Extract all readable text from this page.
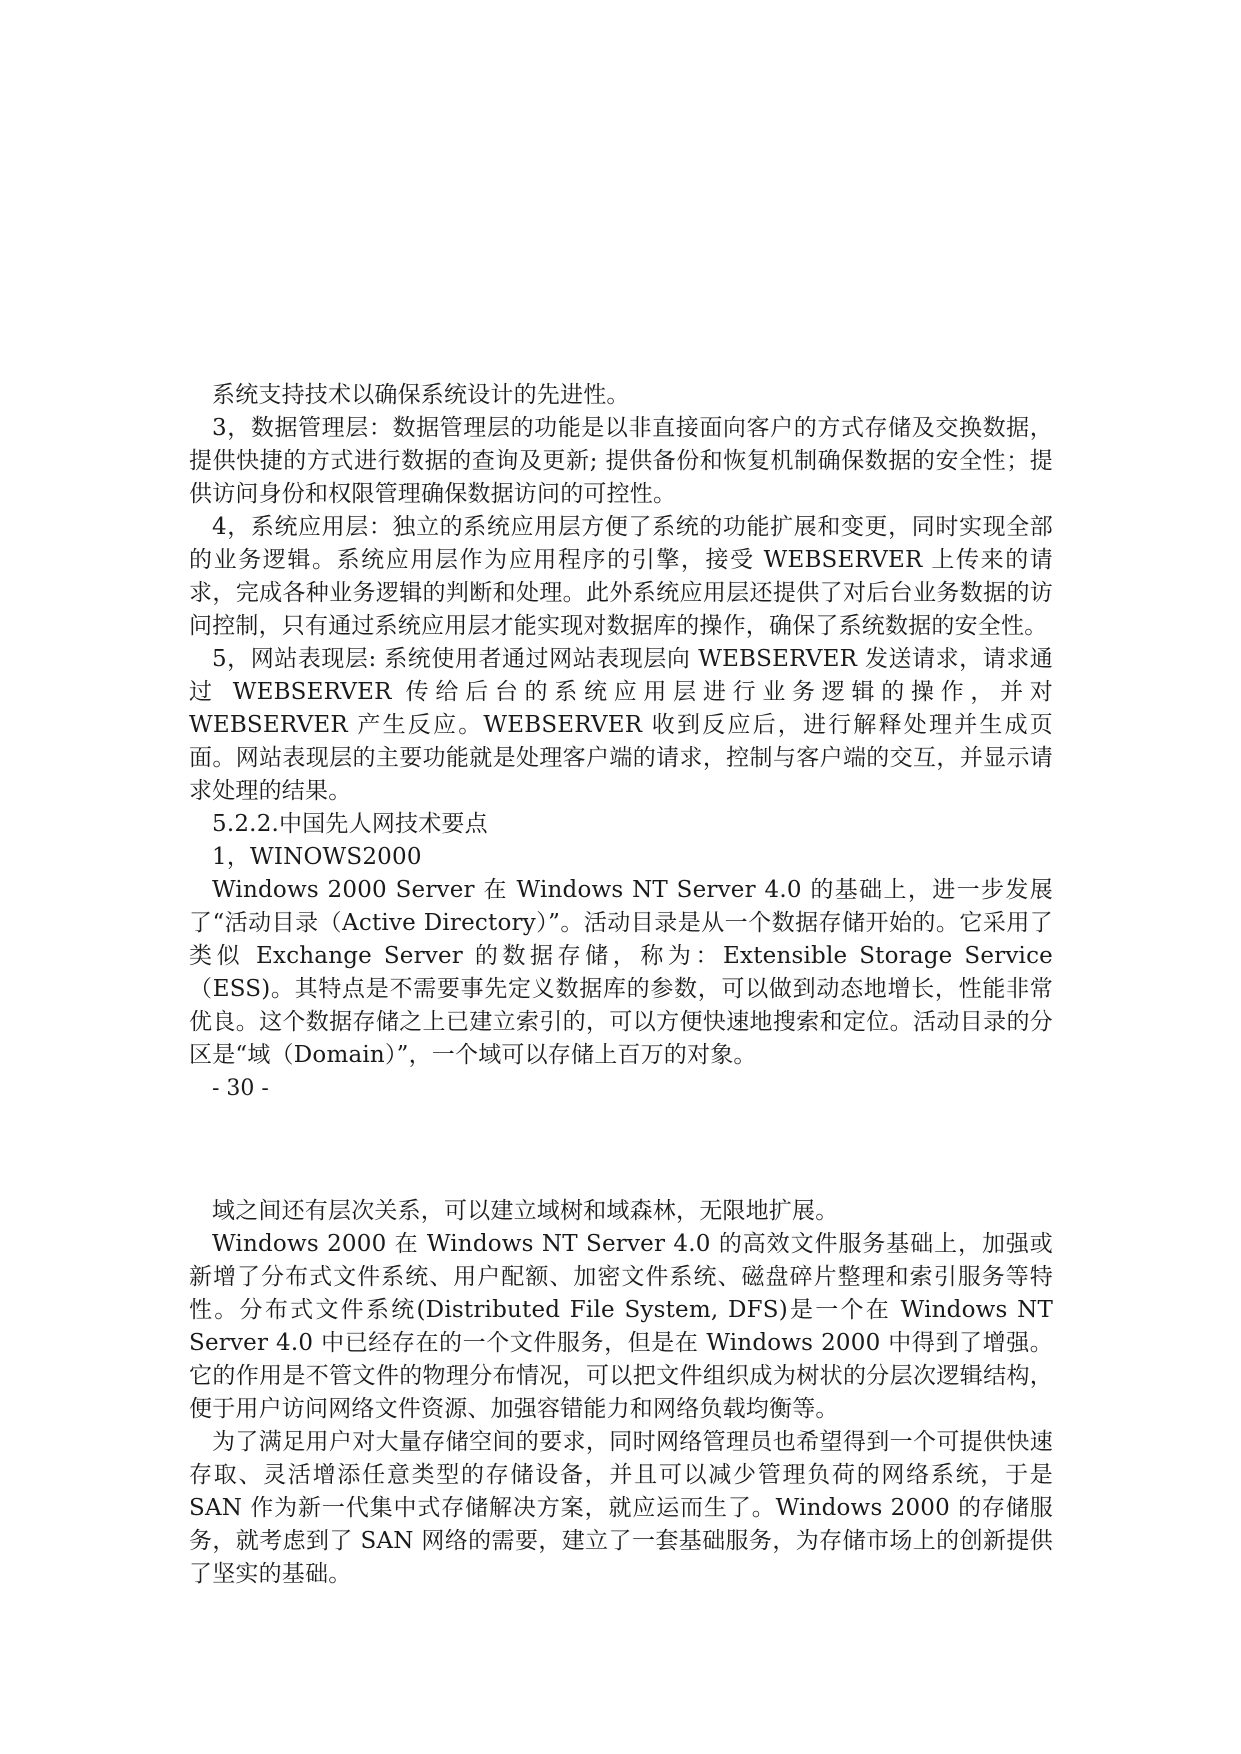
系统支持技术以确保系统设计的先进性。

3，数据管理层：数据管理层的功能是以非直接面向客户的方式存储及交换数据，提供快捷的方式进行数据的查询及更新; 提供备份和恢复机制确保数据的安全性；提供访问身份和权限管理确保数据访问的可控性。

4，系统应用层：独立的系统应用层方便了系统的功能扩展和变更，同时实现全部的业务逻辑。系统应用层作为应用程序的引擎，接受 WEBSERVER 上传来的请求，完成各种业务逻辑的判断和处理。此外系统应用层还提供了对后台业务数据的访问控制，只有通过系统应用层才能实现对数据库的操作，确保了系统数据的安全性。

5，网站表现层: 系统使用者通过网站表现层向 WEBSERVER 发送请求，请求通过 WEBSERVER 传给后台的系统应用层进行业务逻辑的操作，并对 WEBSERVER 产生反应。WEBSERVER 收到反应后，进行解释处理并生成页面。网站表现层的主要功能就是处理客户端的请求，控制与客户端的交互，并显示请求处理的结果。

5.2.2.中国先人网技术要点

1，WINOWS2000

Windows 2000 Server 在 Windows NT Server 4.0 的基础上，进一步发展了“活动目录（Active Directory）”。活动目录是从一个数据存储开始的。它采用了类似 Exchange Server 的数据存储，称为：Extensible Storage Service （ESS)。其特点是不需要事先定义数据库的参数，可以做到动态地增长，性能非常优良。这个数据存储之上已建立索引的，可以方便快速地搜索和定位。活动目录的分区是“域（Domain）”，一个域可以存储上百万的对象。

- 30 -

域之间还有层次关系，可以建立域树和域森林，无限地扩展。

Windows 2000 在 Windows NT Server 4.0 的高效文件服务基础上，加强或新增了分布式文件系统、用户配额、加密文件系统、磁盘碎片整理和索引服务等特性。分布式文件系统(Distributed File System, DFS)是一个在 Windows NT Server 4.0 中已经存在的一个文件服务，但是在 Windows 2000 中得到了增强。它的作用是不管文件的物理分布情况，可以把文件组织成为树状的分层次逻辑结构，便于用户访问网络文件资源、加强容错能力和网络负载均衡等。

为了满足用户对大量存储空间的要求，同时网络管理员也希望得到一个可提供快速存取、灵活增添任意类型的存储设备，并且可以减少管理负荷的网络系统，于是 SAN 作为新一代集中式存储解决方案，就应运而生了。Windows 2000 的存储服务，就考虑到了 SAN 网络的需要，建立了一套基础服务，为存储市场上的创新提供了坚实的基础。
